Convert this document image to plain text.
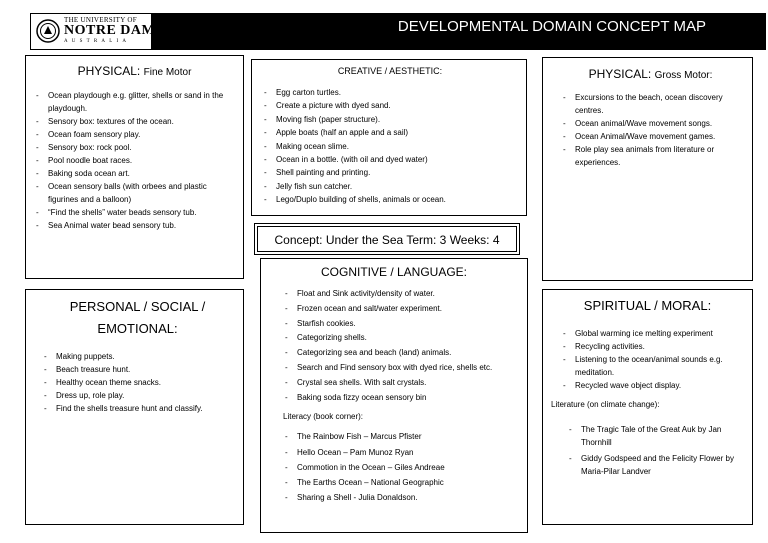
THE UNIVERSITY OF
NOTRE DAME
AUSTRALIA
DEVELOPMENTAL DOMAIN CONCEPT MAP
PHYSICAL: Fine Motor
- Ocean playdough e.g. glitter, shells or sand in the playdough.
- Sensory box: textures of the ocean.
- Ocean foam sensory play.
- Sensory box: rock pool.
- Pool noodle boat races.
- Baking soda ocean art.
- Ocean sensory balls (with orbees and plastic figurines and a balloon)
- “Find the shells” water beads sensory tub.
- Sea Animal water bead sensory tub.
CREATIVE / AESTHETIC:
- Egg carton turtles.
- Create a picture with dyed sand.
- Moving fish (paper structure).
- Apple boats (half an apple and a sail)
- Making ocean slime.
- Ocean in a bottle. (with oil and dyed water)
- Shell painting and printing.
- Jelly fish sun catcher.
- Lego/Duplo building of shells, animals or ocean.
PHYSICAL: Gross Motor:
- Excursions to the beach, ocean discovery centres.
- Ocean animal/Wave movement songs.
- Ocean Animal/Wave movement games.
- Role play sea animals from literature or experiences.
Concept: Under the Sea Term: 3 Weeks: 4
PERSONAL / SOCIAL /
EMOTIONAL:
- Making puppets.
- Beach treasure hunt.
- Healthy ocean theme snacks.
- Dress up, role play.
- Find the shells treasure hunt and classify.
COGNITIVE / LANGUAGE:
- Float and Sink activity/density of water.
- Frozen ocean and salt/water experiment.
- Starfish cookies.
- Categorizing shells.
- Categorizing sea and beach (land) animals.
- Search and Find sensory box with dyed rice, shells etc.
- Crystal sea shells. With salt crystals.
- Baking soda fizzy ocean sensory bin
Literacy (book corner):
- The Rainbow Fish – Marcus Pfister
- Hello Ocean – Pam Munoz Ryan
- Commotion in the Ocean – Giles Andreae
- The Earths Ocean – National Geographic
- Sharing a Shell - Julia Donaldson.
SPIRITUAL / MORAL:
- Global warming ice melting experiment
- Recycling activities.
- Listening to the ocean/animal sounds e.g. meditation.
- Recycled wave object display.
Literature (on climate change):
- The Tragic Tale of the Great Auk by Jan Thornhill
- Giddy Godspeed and the Felicity Flower by Maria-Pilar Landver
